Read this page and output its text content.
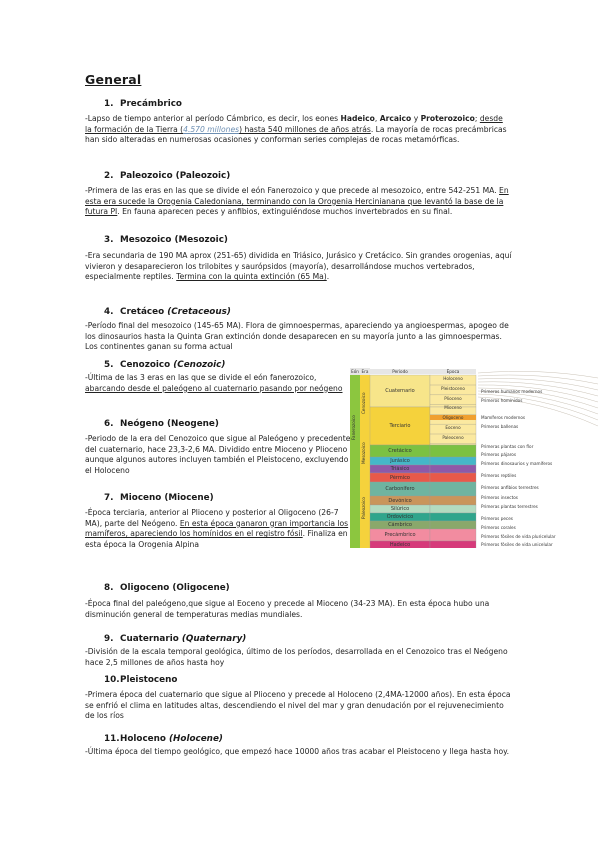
General
1. Precámbrico
-Lapso de tiempo anterior al período Cámbrico, es decir, los eones Hadeico, Arcaico y Proterozoico; desde la formación de la Tierra (4.570 millones) hasta 540 millones de años atrás. La mayoría de rocas precámbricas han sido alteradas en numerosas ocasiones y conforman series complejas de rocas metamórficas.
2. Paleozoico (Paleozoic)
-Primera de las eras en las que se divide el eón Fanerozoico y que precede al mesozoico, entre 542-251 MA. En esta era sucede la Orogenia Caledoniana, terminando con la Orogenia Hercinianana que levantó la base de la futura PI. En fauna aparecen peces y anfibios, extinguiéndose muchos invertebrados en su final.
3. Mesozoico (Mesozoic)
-Era secundaria de 190 MA aprox (251-65) dividida en Triásico, Jurásico y Cretácico. Sin grandes orogenias, aquí vivieron y desaparecieron los trilobites y saurópsidos (mayoría), desarrollándose muchos vertebrados, especialmente reptiles. Termina con la quinta extinción (65 Ma).
4. Cretáceo (Cretaceous)
-Período final del mesozoico (145-65 MA). Flora de gimnoespermas, apareciendo ya angioespermas, apogeo de los dinosaurios hasta la Quinta Gran extinción donde desaparecen en su mayoría junto a las gimnoespermas. Los continentes ganan su forma actual
5. Cenozoico (Cenozoic)
-Última de las 3 eras en las que se divide el eón fanerozoico, abarcando desde el paleógeno al cuaternario pasando por neógeno
6. Neógeno (Neogene)
-Periodo de la era del Cenozoico que sigue al Paleógeno y precedente del cuaternario, hace 23,3-2,6 MA. Dividido entre Mioceno y Plioceno aunque algunos autores incluyen también el Pleistoceno, excluyendo el Holoceno
7. Mioceno (Miocene)
-Época terciaria, anterior al Plioceno y posterior al Oligoceno (26-7 MA), parte del Neógeno. En esta época ganaron gran importancia los mamíferos, apareciendo los homínidos en el registro fósil. Finaliza en esta época la Orogenia Alpina
8. Oligoceno (Oligocene)
-Época final del paleógeno,que sigue al Eoceno y precede al Mioceno (34-23 MA). En esta época hubo una disminución general de temperaturas medias mundiales.
9. Cuaternario (Quaternary)
-División de la escala temporal geológica, último de los períodos, desarrollada en el Cenozoico tras el Neógeno hace 2,5 millones de años hasta hoy
10.Pleistoceno
-Primera época del cuaternario que sigue al Plioceno y precede al Holoceno (2,4MA-12000 años). En esta época se enfrió el clima en latitudes altas, descendiendo el nivel del mar y gran denudación por el rejuvenecimiento de los ríos
11.Holoceno (Holocene)
-Última época del tiempo geológico, que empezó hace 10000 años tras acabar el Pleistoceno y llega hasta hoy.
Eón Era	Periodo	Época
Fanerozoico
Cenozoico
Mesozoico
Paleozoico
Cuaternario
Terciario
Cretácico
Jurásico
Triásico
Pérmico
Carbonífero
Devónico
Silúrico
Ordovícico
Cámbrico
Precámbrico
Hadeico
Holoceno
Pleistoceno
Plioceno
Mioceno
Oligoceno
Eoceno
Paleoceno
Primeros humanos modernos
Primeros homínidos
Mamíferos modernos
Primeros ballenas
Primeras plantas con flor
Primeros pájaros
Primeros dinosaurios y mamíferos
Primeros reptiles
Primeros anfibios terrestres
Primeros insectos
Primeras plantas terrestres
Primeros peces
Primeros corales
Primeros fósiles de vida pluricelular
Primeros fósiles de vida unicelular
